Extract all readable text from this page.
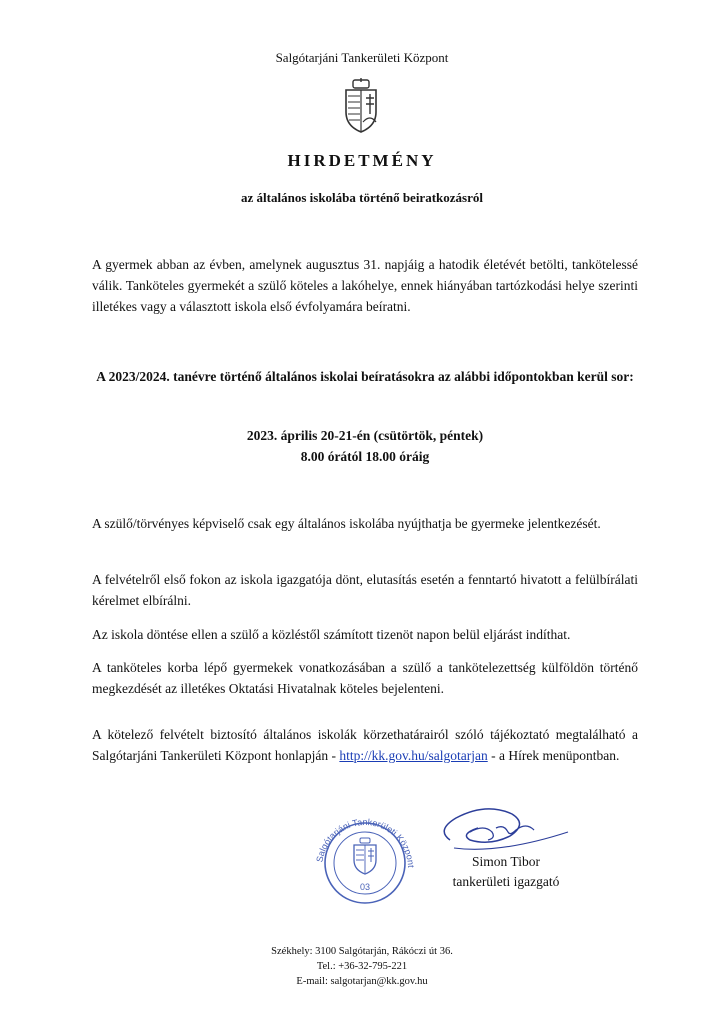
Salgótarjáni Tankerületi Központ
HIRDETMÉNY
az általános iskolába történő beiratkozásról
A gyermek abban az évben, amelynek augusztus 31. napjáig a hatodik életévét betölti, tankötelessé válik. Tanköteles gyermekét a szülő köteles a lakóhelye, ennek hiányában tartózkodási helye szerinti illetékes vagy a választott iskola első évfolyamára beíratni.
A 2023/2024. tanévre történő általános iskolai beíratásokra az alábbi időpontokban kerül sor:
2023. április 20-21-én (csütörtök, péntek)
8.00 órától 18.00 óráig
A szülő/törvényes képviselő csak egy általános iskolába nyújthatja be gyermeke jelentkezését.
A felvételről első fokon az iskola igazgatója dönt, elutasítás esetén a fenntartó hivatott a felülbírálati kérelmet elbírálni.
Az iskola döntése ellen a szülő a közléstől számított tizenöt napon belül eljárást indíthat.
A tanköteles korba lépő gyermekek vonatkozásában a szülő a tankötelezettség külföldön történő megkezdését az illetékes Oktatási Hivatalnak köteles bejelenteni.
A kötelező felvételt biztosító általános iskolák körzethatárairól szóló tájékoztató megtalálható a Salgótarjáni Tankerületi Központ honlapján - http://kk.gov.hu/salgotarjan - a Hírek menüpontban.
Salgótarjáni Tankerületi Központ
03
Simon Tibor
tankerületi igazgató
Székhely: 3100 Salgótarján, Rákóczi út 36.
Tel.: +36-32-795-221
E-mail: salgotarjan@kk.gov.hu
